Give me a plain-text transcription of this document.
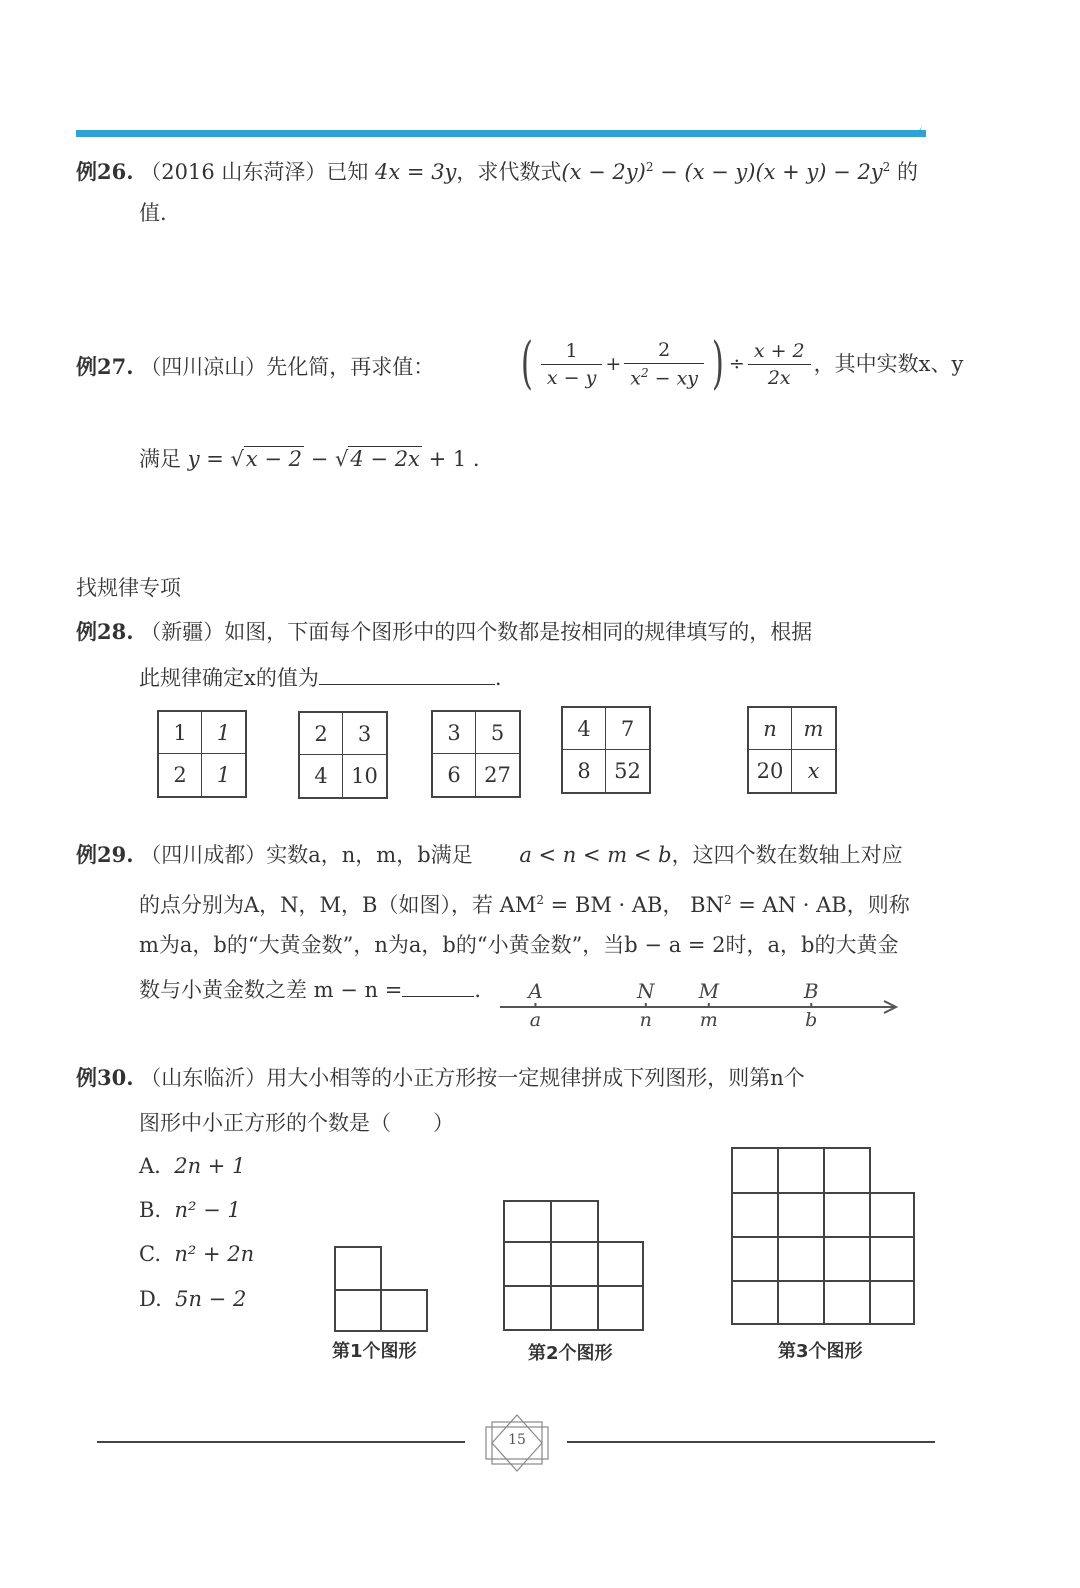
例26. （2016 山东菏泽）已知 4x = 3y，求代数式$(x - 2y)^2 - (x - y)(x + y) - 2y^2$ 的
值.
例27. （四川凉山）先化简，再求值： ( $\frac{1}{x - y} + \frac{2}{x^2 - xy}$ ) ÷ $\frac{x + 2}{2x}$ ，其中实数x、y
满足 y = √x − 2 − √4 − 2x + 1 .
找规律专项
例28. （新疆）如图，下面每个图形中的四个数都是按相同的规律填写的，根据
此规律确定x的值为	.
1	1
2	1
2	3
4	10
3	5
6	27
4	7
8	52
n	m
20	x
例29. （四川成都）实数a，n，m，b满足 a < n < m < b，这四个数在数轴上对应
的点分别为A，N，M，B（如图），若 $AM^2$ = BM · AB， $BN^2$ = AN · AB，则称
m为a，b的“大黄金数”，n为a，b的“小黄金数”，当b − a = 2时，a，b的大黄金
数与小黄金数之差 m − n =	. A
a
N
n
M
m
B
b
例30. （山东临沂）用大小相等的小正方形按一定规律拼成下列图形，则第n个
图形中小正方形的个数是（　　）
A. 2n + 1
B. n² − 1
C. n² + 2n
D. 5n − 2
第1个图形	第2个图形	第3个图形
15
